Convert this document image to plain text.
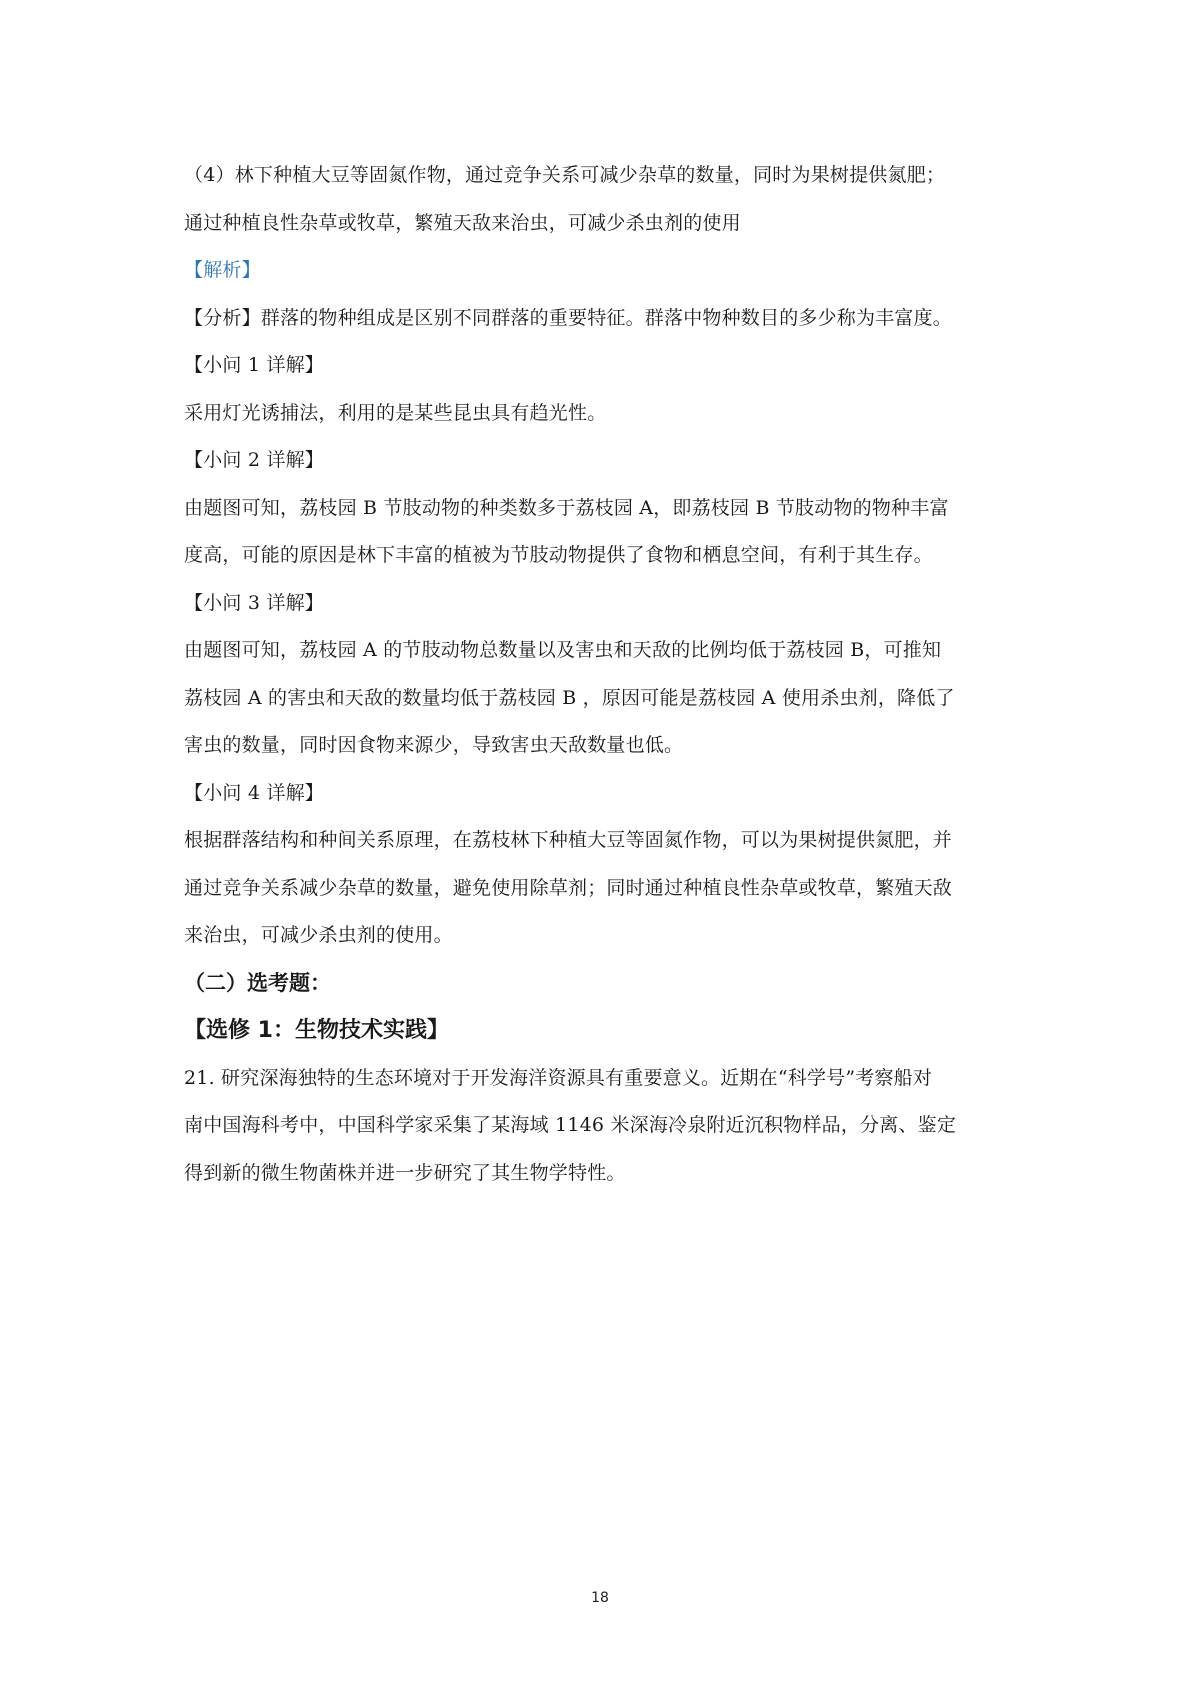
（4）林下种植大豆等固氮作物，通过竞争关系可减少杂草的数量，同时为果树提供氮肥；
通过种植良性杂草或牧草，繁殖天敌来治虫，可减少杀虫剂的使用
【解析】
【分析】群落的物种组成是区别不同群落的重要特征。群落中物种数目的多少称为丰富度。
【小问 1 详解】
采用灯光诱捕法，利用的是某些昆虫具有趋光性。
【小问 2 详解】
由题图可知，荔枝园 B 节肢动物的种类数多于荔枝园 A，即荔枝园 B 节肢动物的物种丰富
度高，可能的原因是林下丰富的植被为节肢动物提供了食物和栖息空间，有利于其生存。
【小问 3 详解】
由题图可知，荔枝园 A 的节肢动物总数量以及害虫和天敌的比例均低于荔枝园 B，可推知
荔枝园 A 的害虫和天敌的数量均低于荔枝园 B ，原因可能是荔枝园 A 使用杀虫剂，降低了
害虫的数量，同时因食物来源少，导致害虫天敌数量也低。
【小问 4 详解】
根据群落结构和种间关系原理，在荔枝林下种植大豆等固氮作物，可以为果树提供氮肥，并
通过竞争关系减少杂草的数量，避免使用除草剂；同时通过种植良性杂草或牧草，繁殖天敌
来治虫，可减少杀虫剂的使用。
（二）选考题：
【选修 1：生物技术实践】
21. 研究深海独特的生态环境对于开发海洋资源具有重要意义。近期在“科学号”考察船对
南中国海科考中，中国科学家采集了某海域 1146 米深海冷泉附近沉积物样品，分离、鉴定
得到新的微生物菌株并进一步研究了其生物学特性。
18
